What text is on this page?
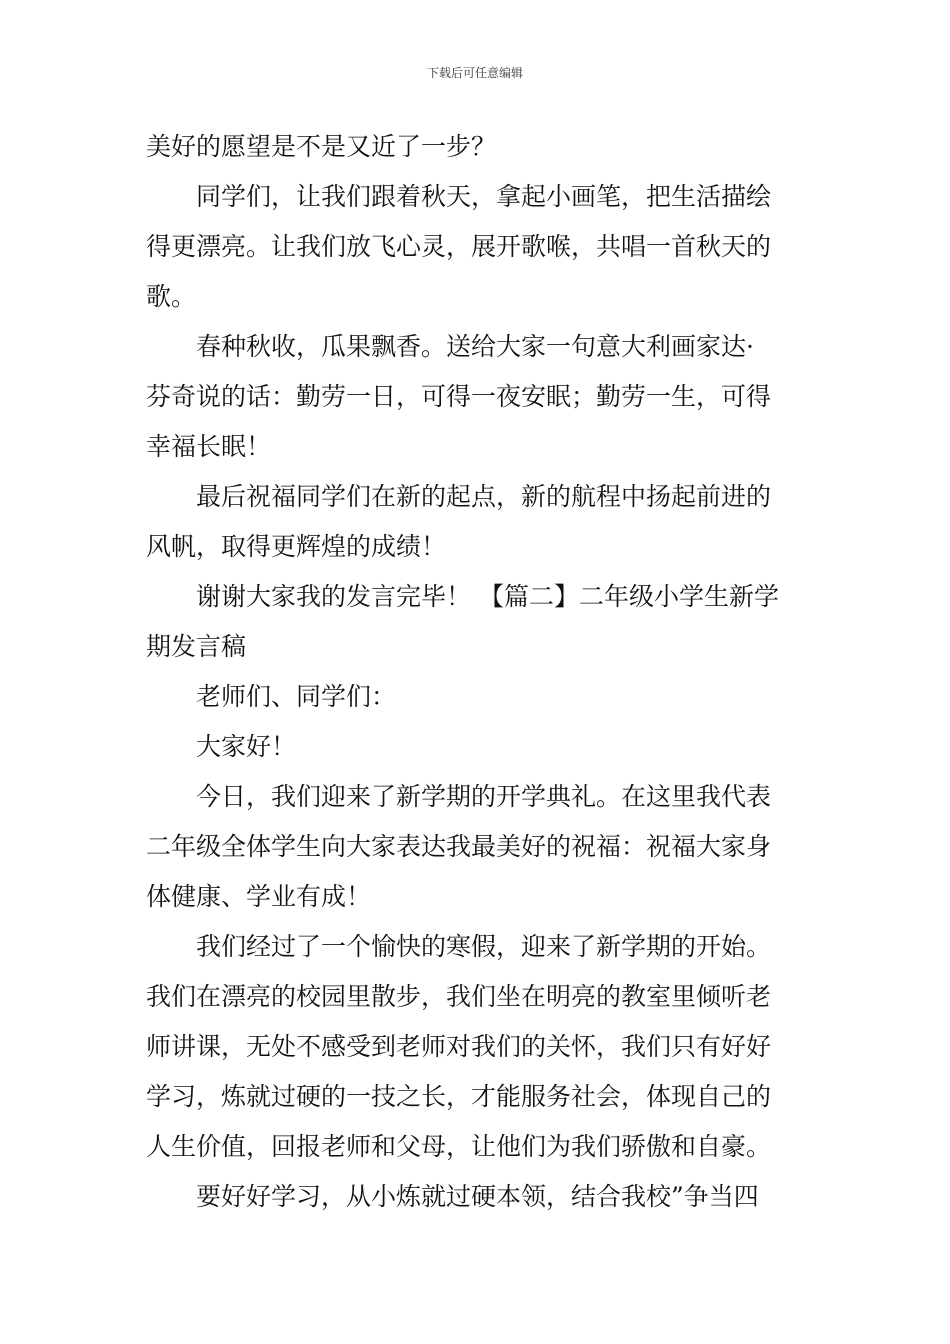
下载后可任意编辑
美好的愿望是不是又近了一步？
同学们，让我们跟着秋天，拿起小画笔，把生活描绘
得更漂亮。让我们放飞心灵，展开歌喉，共唱一首秋天的
歌。
春种秋收，瓜果飘香。送给大家一句意大利画家达·
芬奇说的话：勤劳一日，可得一夜安眠；勤劳一生，可得
幸福长眠！
最后祝福同学们在新的起点，新的航程中扬起前进的
风帆，取得更辉煌的成绩！
谢谢大家我的发言完毕！ 【篇二】二年级小学生新学
期发言稿
老师们、同学们：
大家好！
今日，我们迎来了新学期的开学典礼。在这里我代表
二年级全体学生向大家表达我最美好的祝福：祝福大家身
体健康、学业有成！
我们经过了一个愉快的寒假，迎来了新学期的开始。
我们在漂亮的校园里散步，我们坐在明亮的教室里倾听老
师讲课，无处不感受到老师对我们的关怀，我们只有好好
学习，炼就过硬的一技之长，才能服务社会，体现自己的
人生价值，回报老师和父母，让他们为我们骄傲和自豪。
要好好学习，从小炼就过硬本领，结合我校”争当四
